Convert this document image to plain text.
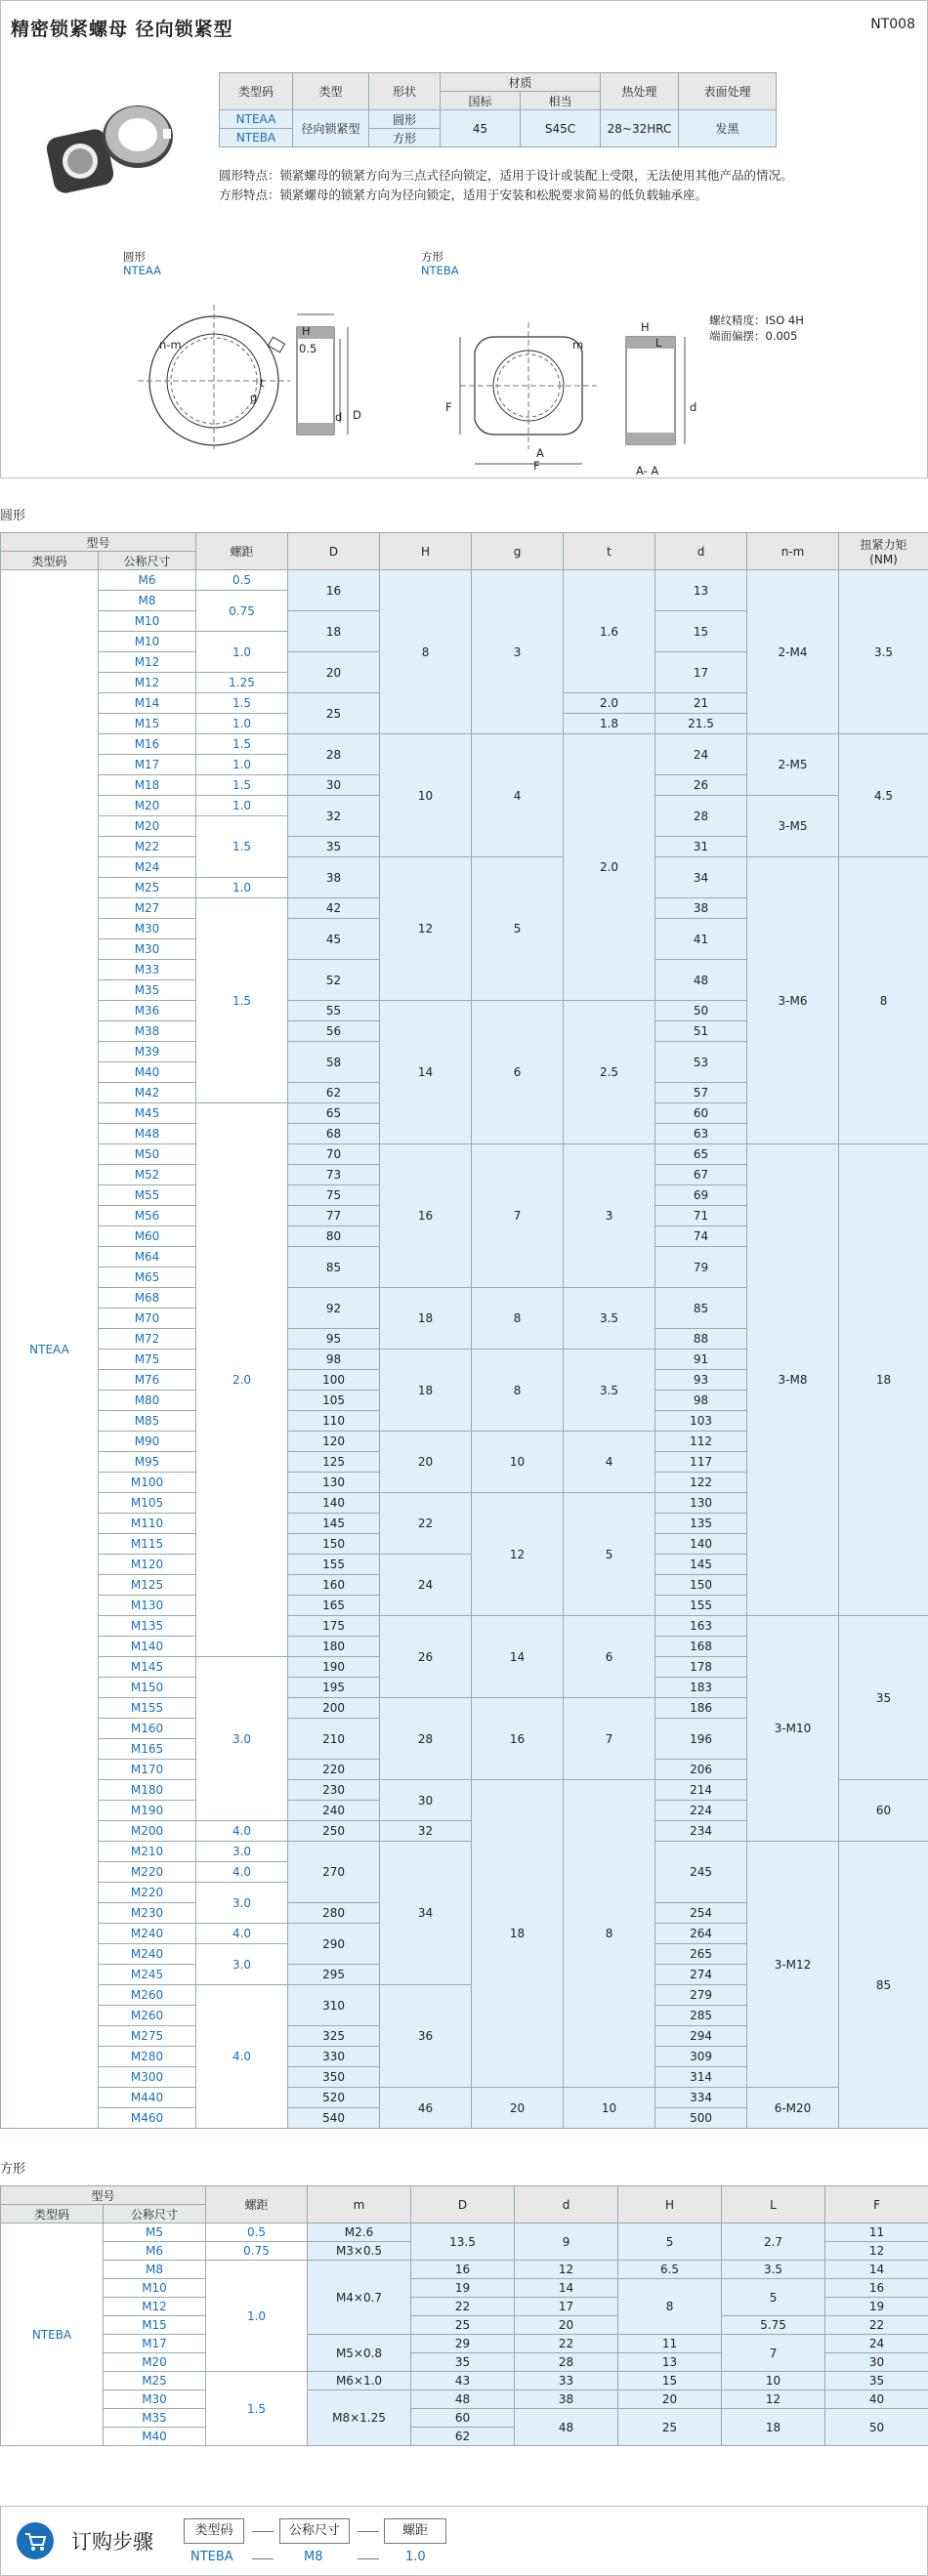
精密锁紧螺母 径向锁紧型	NT008
类型码	类型	形状	材质		热处理	表面处理
			国标	相当		
NTEAA	径向锁紧型	圆形	45	S45C	28~32HRC	发黑
NTEBA		方形				
圆形特点：锁紧螺母的锁紧方向为三点式径向锁定，适用于设计或装配上受限，无法使用其他产品的情况。
方形特点：锁紧螺母的锁紧方向为径向锁定，适用于安装和松脱要求简易的低负载轴承座。
圆形
NTEAA
n-m
H
0.5
D
d
t
g
方形
NTEBA
m
F
F
A
H
L
d
A- A
螺纹精度：ISO 4H
端面偏摆：0.005
圆形
型号		螺距	D	H	g	t	d	n-m	扭紧力矩
(NM)
类型码	公称尺寸								
NTEAA	M6	0.5	16	8	3	1.6	13	2-M4	3.5
	M8	0.75							
	M10		18				15		
	M10	1.0							
	M12		20				17		
	M12	1.25							
	M14	1.5	25			2.0	21		
	M15	1.0				1.8	21.5		
	M16	1.5	28	10	4	2.0	24	2-M5	4.5
	M17	1.0							
	M18	1.5	30				26		
	M20	1.0	32				28	3-M5	
	M20	1.5							
	M22		35				31		
	M24		38	12	5		34	3-M6	8
	M25	1.0							
	M27	1.5	42				38		
	M30		45				41		
	M30								
	M33		52				48		
	M35								
	M36		55	14	6	2.5	50		
	M38		56				51		
	M39		58				53		
	M40								
	M42		62				57		
	M45	2.0	65				60		
	M48		68				63		
	M50		70	16	7	3	65	3-M8	18
	M52		73				67		
	M55		75				69		
	M56		77				71		
	M60		80				74		
	M64		85				79		
	M65								
	M68		92	18	8	3.5	85		
	M70								
	M72		95				88		
	M75		98	18	8	3.5	91		
	M76		100				93		
	M80		105				98		
	M85		110				103		
	M90		120	20	10	4	112		
	M95		125				117		
	M100		130				122		
	M105		140	22	12	5	130		
	M110		145				135		
	M115		150				140		
	M120		155	24			145		
	M125		160				150		
	M130		165				155		
	M135		175	26	14	6	163	3-M10	35
	M140		180				168		
	M145	3.0	190				178		
	M150		195				183		
	M155		200	28	16	7	186		
	M160		210				196		
	M165								
	M170		220				206		
	M180		230	30	18	8	214		60
	M190		240				224		
	M200	4.0	250	32			234		
	M210	3.0	270	34			245	3-M12	85
	M220	4.0							
	M220	3.0							
	M230		280				254		
	M240	4.0	290				264		
	M240	3.0					265		
	M245		295				274		
	M260	4.0	310	36			279		
	M260						285		
	M275		325				294		
	M280		330				309		
	M300		350				314		
	M440		520	46	20	10	334	6-M20	
	M460		540				500		
方形
型号		螺距	m	D	d	H	L	F
类型码	公称尺寸							
NTEBA	M5	0.5	M2.6	13.5	9	5	2.7	11
	M6	0.75	M3×0.5					12
	M8	1.0	M4×0.7	16	12	6.5	3.5	14
	M10			19	14	8	5	16
	M12			22	17			19
	M15			25	20		5.75	22
	M17		M5×0.8	29	22	11	7	24
	M20			35	28	13		30
	M25	1.5	M6×1.0	43	33	15	10	35
	M30		M8×1.25	48	38	20	12	40
	M35			60	48	25	18	50
	M40			62				
订购步骤	类型码	公称尺寸	螺距
NTEBA	M8	1.0
